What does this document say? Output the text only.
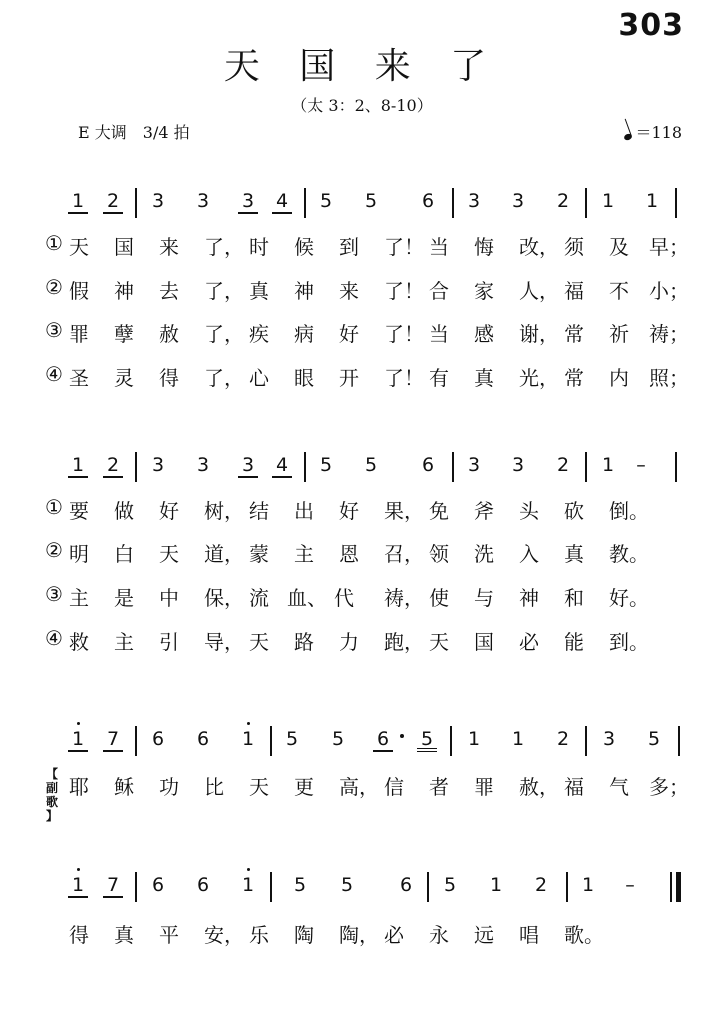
303
天 国 来 了
（太 3：2、8-10）
E 大调　3/4 拍	＝118
【
副
歌
】
1 2 3 3 3 4 5 5 6 3 3 2 1 1
① 天	国	来	了， 时	候	到	了！ 当	悔	改， 须	及	早；
② 假	神	去	了， 真	神	来	了！ 合	家	人， 福	不	小；
③ 罪	孽	赦	了， 疾	病	好	了！ 当	感	谢， 常	祈	祷；
④ 圣	灵	得	了， 心	眼	开	了！ 有	真	光， 常	内	照；
1 2 3 3 3 4 5 5 6 3 3 2 1 –
① 要	做	好	树， 结	出	好	果， 免	斧	头	砍	倒。
② 明	白	天	道， 蒙	主	恩	召， 领	洗	入	真	教。
③ 主	是	中	保， 流 血、 代	祷， 使	与	神	和	好。
④ 救	主	引	导， 天	路	力	跑， 天	国	必	能	到。
1 7 6 6 1 5 5 6 5 1 1 2 3 5
耶	稣	功	比	天	更	高， 信	者	罪	赦， 福	气	多；
1 7 6 6 1 5 5 6 5 1 2 1 –
得	真	平	安， 乐	陶	陶， 必	永	远	唱	歌。
